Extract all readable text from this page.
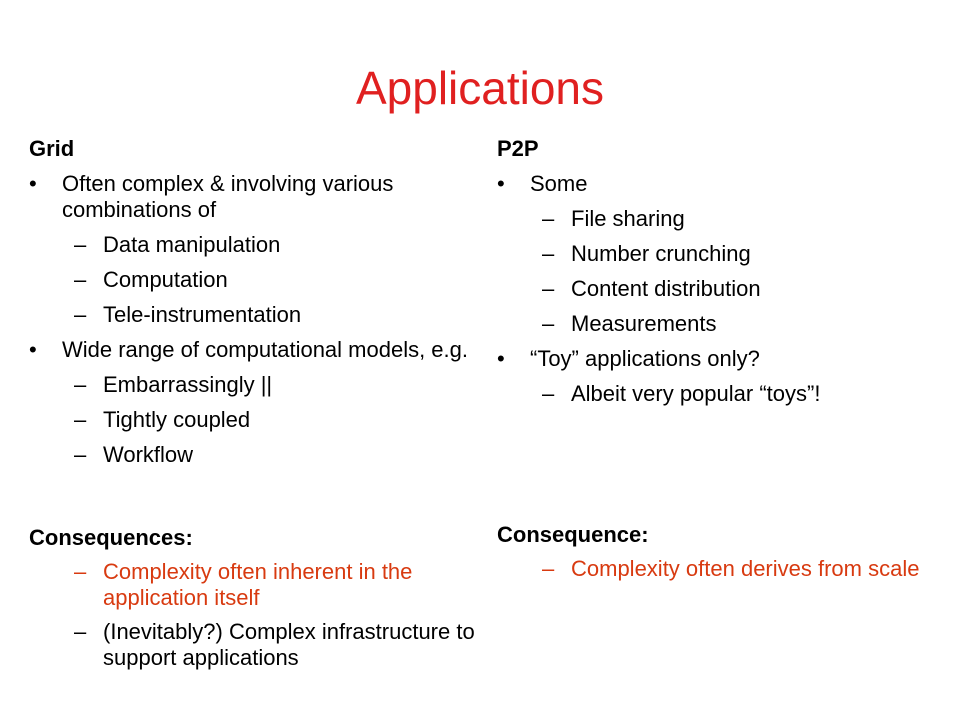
Applications
Grid
• Often complex & involving various combinations of
– Data manipulation
– Computation
– Tele-instrumentation
• Wide range of computational models, e.g.
– Embarrassingly ||
– Tightly coupled
– Workflow
Consequences:
– Complexity often inherent in the application itself
– (Inevitably?) Complex infrastructure to support applications
P2P
• Some
– File sharing
– Number crunching
– Content distribution
– Measurements
• “Toy” applications only?
– Albeit very popular “toys”!
Consequence:
– Complexity often derives from scale
